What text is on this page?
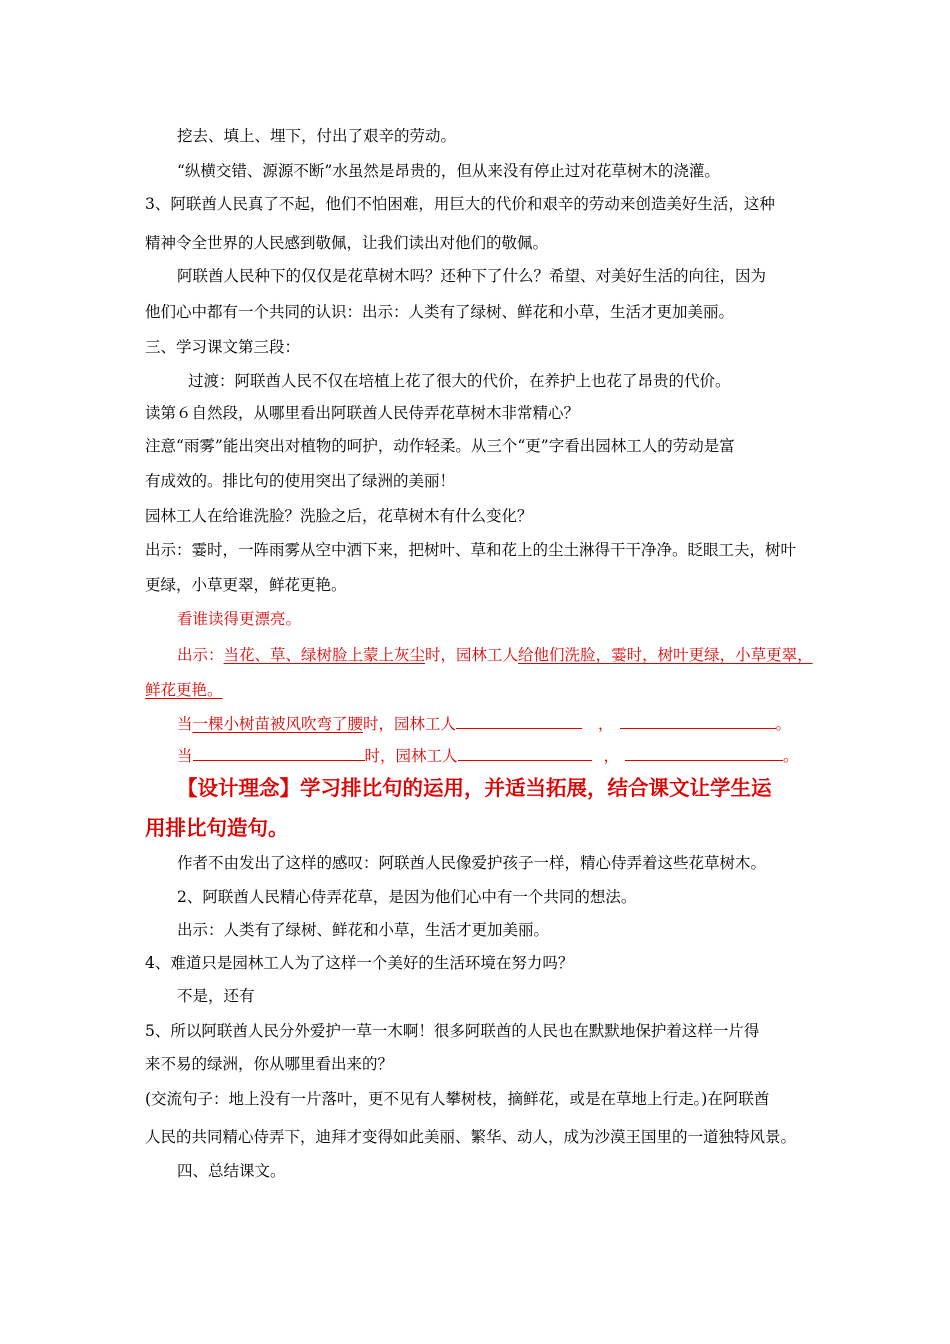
挖去、填上、埋下，付出了艰辛的劳动。
“纵横交错、源源不断”水虽然是昂贵的，但从来没有停止过对花草树木的浇灌。
3、阿联酋人民真了不起，他们不怕困难，用巨大的代价和艰辛的劳动来创造美好生活，这种
精神令全世界的人民感到敬佩，让我们读出对他们的敬佩。
阿联酋人民种下的仅仅是花草树木吗？还种下了什么？希望、对美好生活的向往，因为
他们心中都有一个共同的认识：出示：人类有了绿树、鲜花和小草，生活才更加美丽。
三、学习课文第三段：
过渡：阿联酋人民不仅在培植上花了很大的代价，在养护上也花了昂贵的代价。
读第６自然段，从哪里看出阿联酋人民侍弄花草树木非常精心？
注意“雨雾”能出突出对植物的呵护，动作轻柔。从三个“更”字看出园林工人的劳动是富
有成效的。排比句的使用突出了绿洲的美丽！
园林工人在给谁洗脸？洗脸之后，花草树木有什么变化？
出示：霎时，一阵雨雾从空中洒下来，把树叶、草和花上的尘土淋得干干净净。眨眼工夫，树叶
更绿，小草更翠，鲜花更艳。
看谁读得更漂亮。
出示：当花、草、绿树脸上蒙上灰尘时，园林工人给他们洗脸，霎时，树叶更绿，小草更翠，
鲜花更艳。
当一棵小树苗被风吹弯了腰时，园林工人	，	。
当	时，园林工人	，	。
【设计理念】学习排比句的运用，并适当拓展，结合课文让学生运
用排比句造句。
作者不由发出了这样的感叹：阿联酋人民像爱护孩子一样，精心侍弄着这些花草树木。
2、阿联酋人民精心侍弄花草，是因为他们心中有一个共同的想法。
出示：人类有了绿树、鲜花和小草，生活才更加美丽。
4、难道只是园林工人为了这样一个美好的生活环境在努力吗？
不是，还有
5、所以阿联酋人民分外爱护一草一木啊！很多阿联酋的人民也在默默地保护着这样一片得
来不易的绿洲，你从哪里看出来的？
(交流句子：地上没有一片落叶，更不见有人攀树枝，摘鲜花，或是在草地上行走。)在阿联酋
人民的共同精心侍弄下，迪拜才变得如此美丽、繁华、动人，成为沙漠王国里的一道独特风景。
四、总结课文。
